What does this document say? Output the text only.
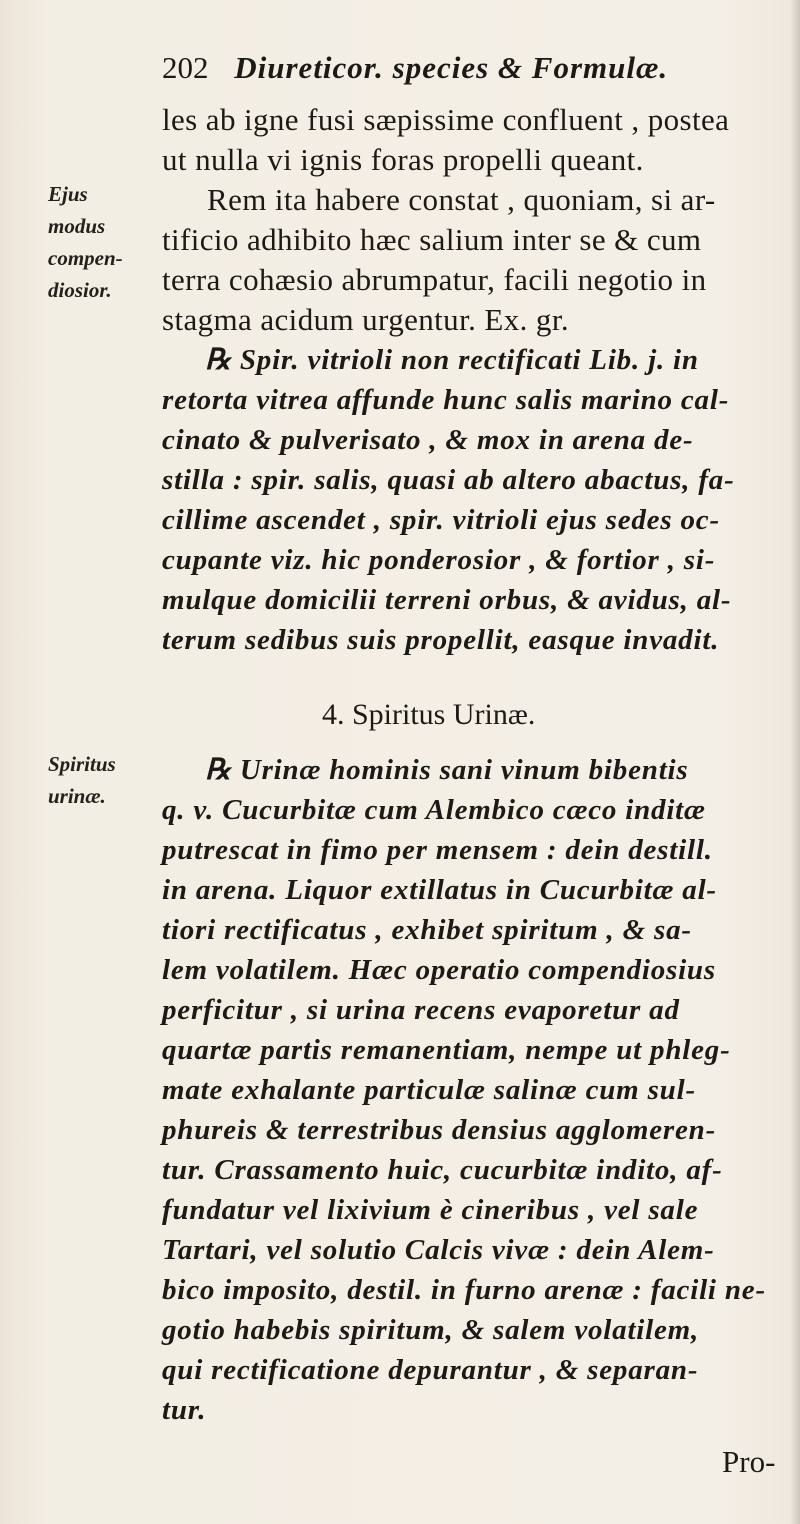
202 Diureticor. species & Formulæ.
Ejus
modus
compen-
diosior.
Spiritus
urinæ.
les ab igne fusi sæpissime confluent , postea
ut nulla vi ignis foras propelli queant.
Rem ita habere constat , quoniam, si ar-
tificio adhibito hæc salium inter se & cum
terra cohæsio abrumpatur, facili negotio in
stagma acidum urgentur. Ex. gr.
℞ Spir. vitrioli non rectificati Lib. j. in
retorta vitrea affunde hunc salis marino cal-
cinato & pulverisato , & mox in arena de-
stilla : spir. salis, quasi ab altero abactus, fa-
cillime ascendet , spir. vitrioli ejus sedes oc-
cupante viz. hic ponderosior , & fortior , si-
mulque domicilii terreni orbus, & avidus, al-
terum sedibus suis propellit, easque invadit.
4. Spiritus Urinæ.
℞ Urinæ hominis sani vinum bibentis
q. v. Cucurbitæ cum Alembico cæco inditæ
putrescat in fimo per mensem : dein destill.
in arena. Liquor extillatus in Cucurbitæ al-
tiori rectificatus , exhibet spiritum , & sa-
lem volatilem. Hæc operatio compendiosius
perficitur , si urina recens evaporetur ad
quartæ partis remanentiam, nempe ut phleg-
mate exhalante particulæ salinæ cum sul-
phureis & terrestribus densius agglomeren-
tur. Crassamento huic, cucurbitæ indito, af-
fundatur vel lixivium è cineribus , vel sale
Tartari, vel solutio Calcis vivæ : dein Alem-
bico imposito, destil. in furno arenæ : facili ne-
gotio habebis spiritum, & salem volatilem,
qui rectificatione depurantur , & separan-
tur.
Pro-
